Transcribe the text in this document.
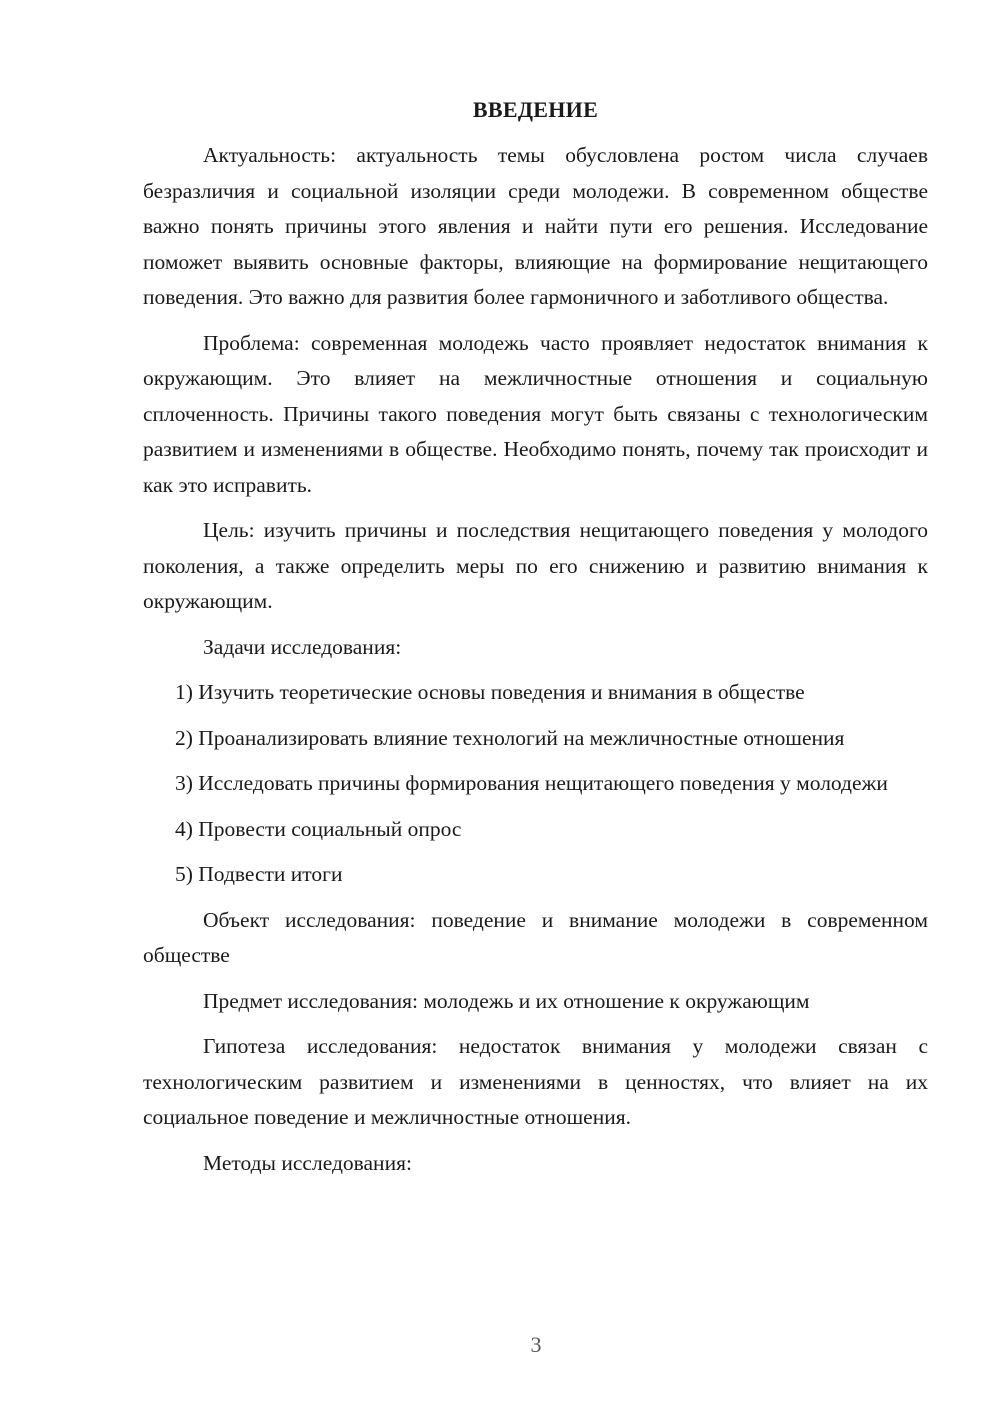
ВВЕДЕНИЕ

Актуальность: актуальность темы обусловлена ростом числа случаев безразличия и социальной изоляции среди молодежи. В современном обществе важно понять причины этого явления и найти пути его решения. Исследование поможет выявить основные факторы, влияющие на формирование нещитающего поведения. Это важно для развития более гармоничного и заботливого общества.

Проблема: современная молодежь часто проявляет недостаток внимания к окружающим. Это влияет на межличностные отношения и социальную сплоченность. Причины такого поведения могут быть связаны с технологическим развитием и изменениями в обществе. Необходимо понять, почему так происходит и как это исправить.

Цель: изучить причины и последствия нещитающего поведения у молодого поколения, а также определить меры по его снижению и развитию внимания к окружающим.

Задачи исследования:

1) Изучить теоретические основы поведения и внимания в обществе

2) Проанализировать влияние технологий на межличностные отношения

3) Исследовать причины формирования нещитающего поведения у молодежи

4) Провести социальный опрос

5) Подвести итоги

Объект исследования: поведение и внимание молодежи в современном обществе

Предмет исследования: молодежь и их отношение к окружающим

Гипотеза исследования: недостаток внимания у молодежи связан с технологическим развитием и изменениями в ценностях, что влияет на их социальное поведение и межличностные отношения.

Методы исследования:

3
